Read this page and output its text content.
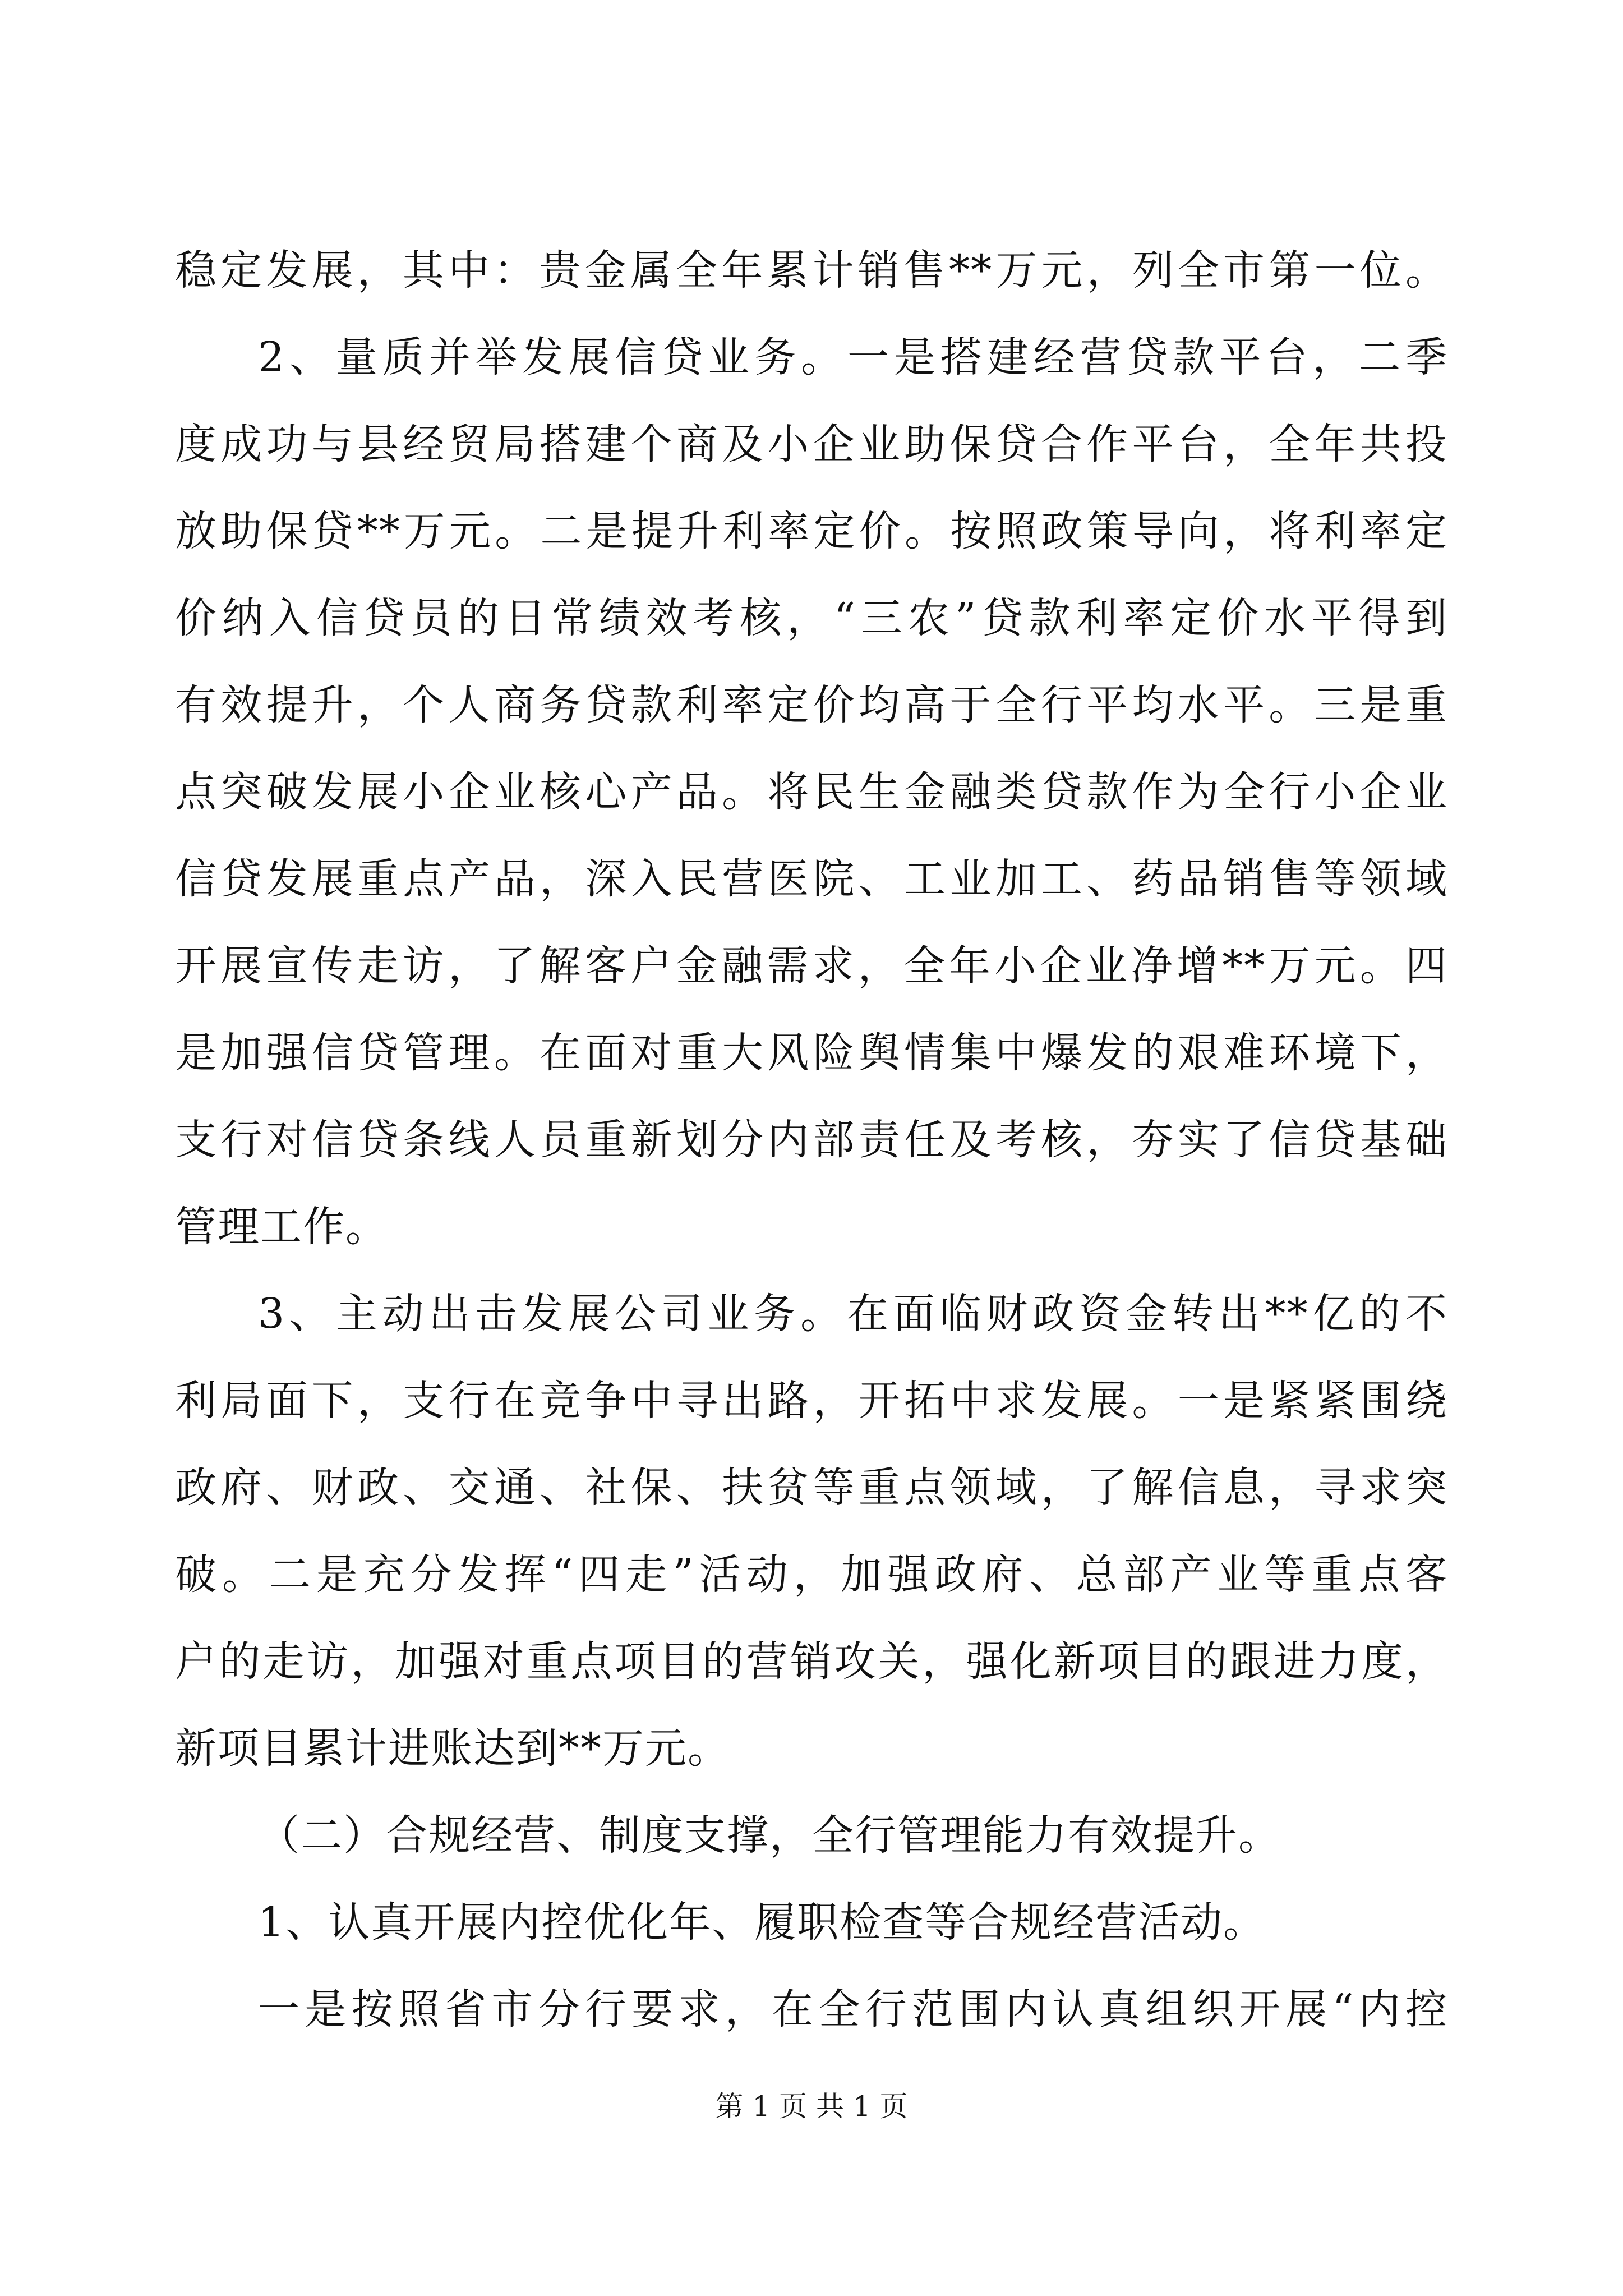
稳定发展，其中：贵金属全年累计销售**万元，列全市第一位。
2、量质并举发展信贷业务。一是搭建经营贷款平台，二季
度成功与县经贸局搭建个商及小企业助保贷合作平台，全年共投
放助保贷**万元。二是提升利率定价。按照政策导向，将利率定
价纳入信贷员的日常绩效考核，“三农”贷款利率定价水平得到
有效提升，个人商务贷款利率定价均高于全行平均水平。三是重
点突破发展小企业核心产品。将民生金融类贷款作为全行小企业
信贷发展重点产品，深入民营医院、工业加工、药品销售等领域
开展宣传走访，了解客户金融需求，全年小企业净增**万元。四
是加强信贷管理。在面对重大风险舆情集中爆发的艰难环境下，
支行对信贷条线人员重新划分内部责任及考核，夯实了信贷基础
管理工作。
3、主动出击发展公司业务。在面临财政资金转出**亿的不
利局面下，支行在竞争中寻出路，开拓中求发展。一是紧紧围绕
政府、财政、交通、社保、扶贫等重点领域，了解信息，寻求突
破。二是充分发挥“四走”活动，加强政府、总部产业等重点客
户的走访，加强对重点项目的营销攻关，强化新项目的跟进力度，
新项目累计进账达到**万元。
（二）合规经营、制度支撑，全行管理能力有效提升。
1、认真开展内控优化年、履职检查等合规经营活动。
一是按照省市分行要求，在全行范围内认真组织开展“内控
第 1 页 共 1 页
